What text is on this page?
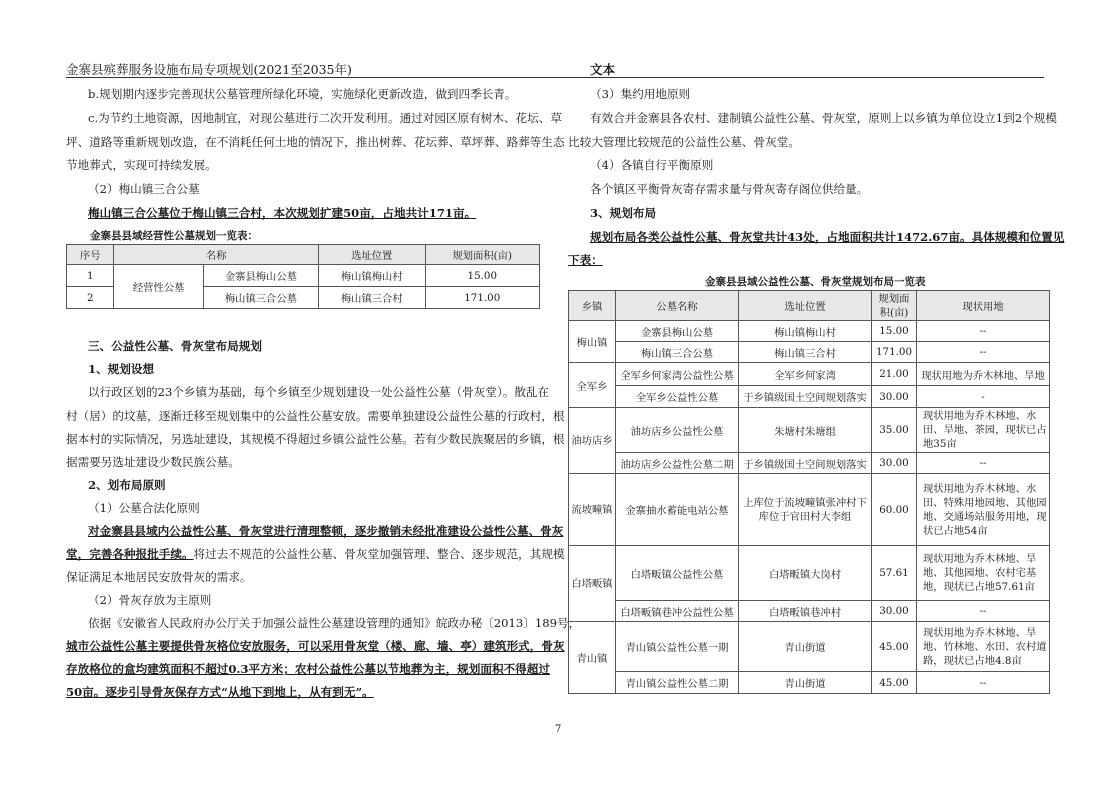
金寨县殡葬服务设施布局专项规划(2021至2035年)	文本
b.规划期内逐步完善现状公墓管理所绿化环境，实施绿化更新改造，做到四季长青。
c.为节约土地资源，因地制宜，对现公墓进行二次开发利用。通过对园区原有树木、花坛、草
坪、道路等重新规划改造，在不消耗任何土地的情况下，推出树葬、花坛葬、草坪葬、路葬等生态
节地葬式，实现可持续发展。
（2）梅山镇三合公墓
梅山镇三合公墓位于梅山镇三合村，本次规划扩建50亩，占地共计171亩。
金寨县县域经营性公墓规划一览表：
序号	名称		选址位置	规划面积(亩)
1	经营性公墓	金寨县梅山公墓	梅山镇梅山村	15.00
2		梅山镇三合公墓	梅山镇三合村	171.00
三、公益性公墓、骨灰堂布局规划
1、规划设想
以行政区划的23个乡镇为基础，每个乡镇至少规划建设一处公益性公墓（骨灰堂）。散乱在
村（居）的坟墓，逐渐迁移至规划集中的公益性公墓安放。需要单独建设公益性公墓的行政村，根
据本村的实际情况，另选址建设，其规模不得超过乡镇公益性公墓。若有少数民族聚居的乡镇，根
据需要另选址建设少数民族公墓。
2、划布局原则
（1）公墓合法化原则
对金寨县县域内公益性公墓、骨灰堂进行清理整顿，逐步撤销未经批准建设公益性公墓、骨灰
堂，完善各种报批手续。将过去不规范的公益性公墓、骨灰堂加强管理、整合、逐步规范，其规模
保证满足本地居民安放骨灰的需求。
（2）骨灰存放为主原则
依据《安徽省人民政府办公厅关于加强公益性公墓建设管理的通知》皖政办秘〔2013〕189号，
城市公益性公墓主要提供骨灰格位安放服务，可以采用骨灰堂（楼、廊、墙、亭）建筑形式，骨灰
存放格位的盒均建筑面积不超过0.3平方米；农村公益性公墓以节地葬为主，规划面积不得超过
50亩。逐步引导骨灰保存方式“从地下到地上，从有到无”。
（3）集约用地原则
有效合并金寨县各农村、建制镇公益性公墓、骨灰堂，原则上以乡镇为单位设立1到2个规模
比较大管理比较规范的公益性公墓、骨灰堂。
（4）各镇自行平衡原则
各个镇区平衡骨灰寄存需求量与骨灰寄存阁位供给量。
3、规划布局
规划布局各类公益性公墓、骨灰堂共计43处，占地面积共计1472.67亩。具体规模和位置见
下表：
金寨县县域公益性公墓、骨灰堂规划布局一览表
乡镇	公墓名称	选址位置	规划面积(亩)	现状用地
梅山镇	金寨县梅山公墓	梅山镇梅山村	15.00	--
	梅山镇三合公墓	梅山镇三合村	171.00	--
全军乡	全军乡何家湾公益性公墓	全军乡何家湾	21.00	现状用地为乔木林地、旱地
	全军乡公益性公墓	于乡镇级国土空间规划落实	30.00	-
油坊店乡	油坊店乡公益性公墓	朱塘村朱塘组	35.00	现状用地为乔木林地、水田、旱地、茶园，现状已占地35亩
	油坊店乡公益性公墓二期	于乡镇级国土空间规划落实	30.00	--
流坡疃镇	金寨抽水蓄能电站公墓	上库位于流坡疃镇张冲村下库位于官田村大李组	60.00	现状用地为乔木林地、水田、特殊用地园地、其他园地、交通场站服务用地，现状已占地54亩
白塔畈镇	白塔畈镇公益性公墓	白塔畈镇大岗村	57.61	现状用地为乔木林地、旱地、其他园地、农村宅基地，现状已占地57.61亩
	白塔畈镇巷冲公益性公墓	白塔畈镇巷冲村	30.00	--
青山镇	青山镇公益性公墓一期	青山街道	45.00	现状用地为乔木林地、旱地、竹林地、水田、农村道路，现状已占地4.8亩
	青山镇公益性公墓二期	青山街道	45.00	--
7
